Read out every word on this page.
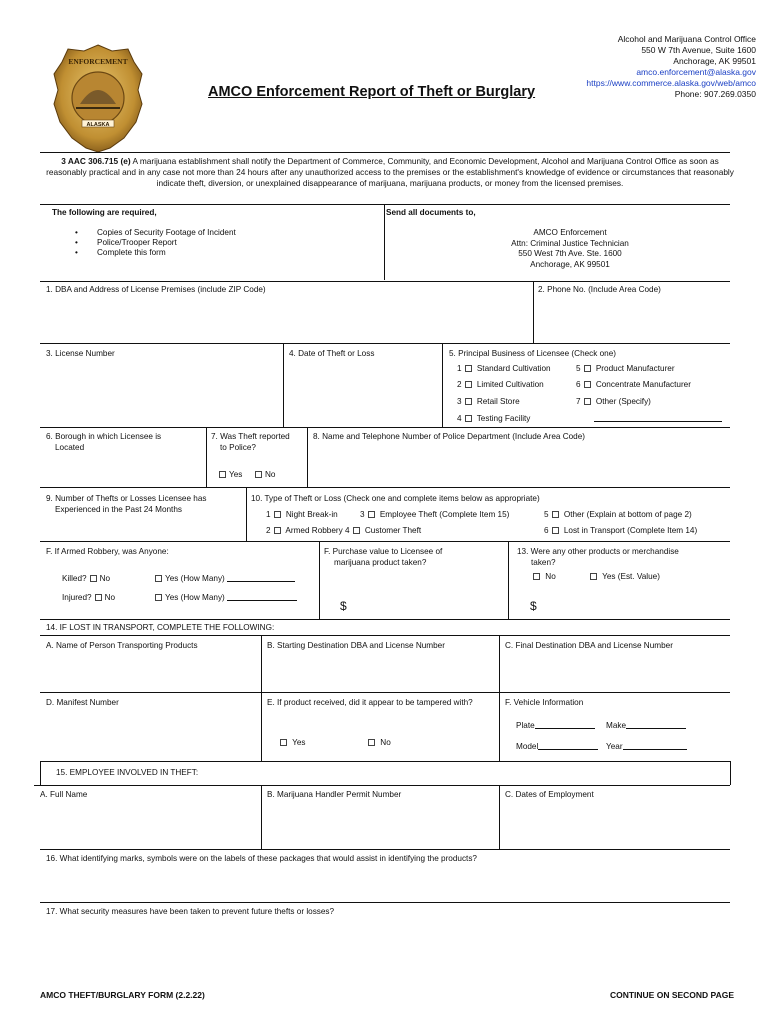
ALASKA
ENFORCEMENT
AMCO Enforcement Report of Theft or Burglary
Alcohol and Marijuana Control Office
550 W 7th Avenue, Suite 1600
Anchorage, AK 99501
amco.enforcement@alaska.gov
https://www.commerce.alaska.gov/web/amco
Phone: 907.269.0350
3 AAC 306.715 (e) A marijuana establishment shall notify the Department of Commerce, Community, and Economic Development, Alcohol and Marijuana Control Office as soon as reasonably practical and in any case not more than 24 hours after any unauthorized access to the premises or the establishment's knowledge of evidence or circumstances that reasonably indicate theft, diversion, or unexplained disappearance of marijuana, marijuana products, or money from the licensed premises.
The following are required,	Send all documents to,
• Copies of Security Footage of Incident
• Police/Trooper Report
• Complete this form
AMCO Enforcement
Attn: Criminal Justice Technician
550 West 7th Ave. Ste. 1600
Anchorage, AK 99501
1. DBA and Address of License Premises (include ZIP Code)	2. Phone No. (Include Area Code)
3. License Number	4. Date of Theft or Loss	5. Principal Business of Licensee (Check one)
1 Standard Cultivation
2 Limited Cultivation
3 Retail Store
4 Testing Facility
5 Product Manufacturer
6 Concentrate Manufacturer
7 Other (Specify)
6. Borough in which Licensee is
Located
7. Was Theft reported
to Police?
Yes	No
8. Name and Telephone Number of Police Department (Include Area Code)
9. Number of Thefts or Losses Licensee has
Experienced in the Past 24 Months
10. Type of Theft or Loss (Check one and complete items below as appropriate)
1 Night Break-in	3 Employee Theft (Complete Item 15)	5 Other (Explain at bottom of page 2)
2 Armed Robbery 4 Customer Theft	6 Lost in Transport (Complete Item 14)
F. If Armed Robbery, was Anyone:
Killed? No	Yes (How Many)
Injured? No	Yes (How Many)
F. Purchase value to Licensee of
marijuana product taken?
$
13. Were any other products or merchandise
taken?
No	Yes (Est. Value)
$
14. IF LOST IN TRANSPORT, COMPLETE THE FOLLOWING:
A. Name of Person Transporting Products	B. Starting Destination DBA and License Number	C. Final Destination DBA and License Number
D. Manifest Number	E. If product received, did it appear to be tampered with?
Yes	No
F. Vehicle Information
Plate	Make
Model	Year
15. EMPLOYEE INVOLVED IN THEFT:
A. Full Name	B. Marijuana Handler Permit Number	C. Dates of Employment
16. What identifying marks, symbols were on the labels of these packages that would assist in identifying the products?
17. What security measures have been taken to prevent future thefts or losses?
AMCO THEFT/BURGLARY FORM (2.2.22)	CONTINUE ON SECOND PAGE
